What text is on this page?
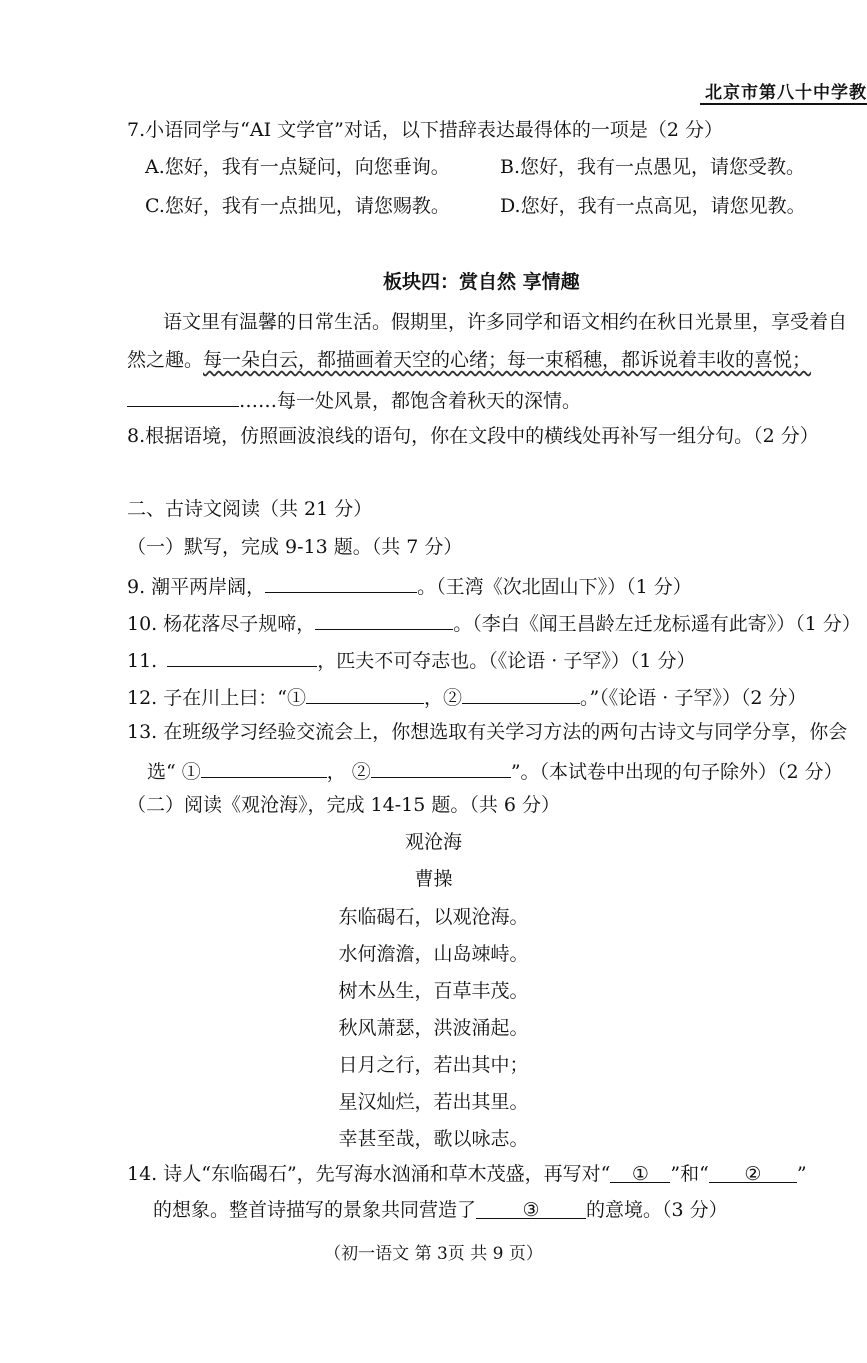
北京市第八十中学教
7.小语同学与“AI 文学官”对话，以下措辞表达最得体的一项是（2 分）
A.您好，我有一点疑问，向您垂询。	B.您好，我有一点愚见，请您受教。
C.您好，我有一点拙见，请您赐教。	D.您好，我有一点高见，请您见教。
板块四：赏自然 享情趣
语文里有温馨的日常生活。假期里，许多同学和语文相约在秋日光景里，享受着自
然之趣。每一朵白云，都描画着天空的心绪；每一束稻穗，都诉说着丰收的喜悦；
……每一处风景，都饱含着秋天的深情。
8.根据语境，仿照画波浪线的语句，你在文段中的横线处再补写一组分句。（2 分）
二、古诗文阅读（共 21 分）
（一）默写，完成 9-13 题。（共 7 分）
9. 潮平两岸阔，	。（王湾《次北固山下》）（1 分）
10. 杨花落尽子规啼，	。（李白《闻王昌龄左迁龙标遥有此寄》）（1 分）
11.	，匹夫不可夺志也。（《论语 · 子罕》）（1 分）
12. 子在川上曰：“①	，②	。”（《论语 · 子罕》）（2 分）
13. 在班级学习经验交流会上，你想选取有关学习方法的两句古诗文与同学分享，你会
选“ ①	， ②	”。（本试卷中出现的句子除外）（2 分）
（二）阅读《观沧海》，完成 14-15 题。（共 6 分）
观沧海
曹操
东临碣石，以观沧海。
水何澹澹，山岛竦峙。
树木丛生，百草丰茂。
秋风萧瑟，洪波涌起。
日月之行，若出其中；
星汉灿烂，若出其里。
幸甚至哉，歌以咏志。
14. 诗人“东临碣石”，先写海水汹涌和草木茂盛，再写对“ ① ”和“ ② ”
的想象。整首诗描写的景象共同营造了 ③ 的意境。（3 分）
（初一语文 第 3页 共 9 页）
